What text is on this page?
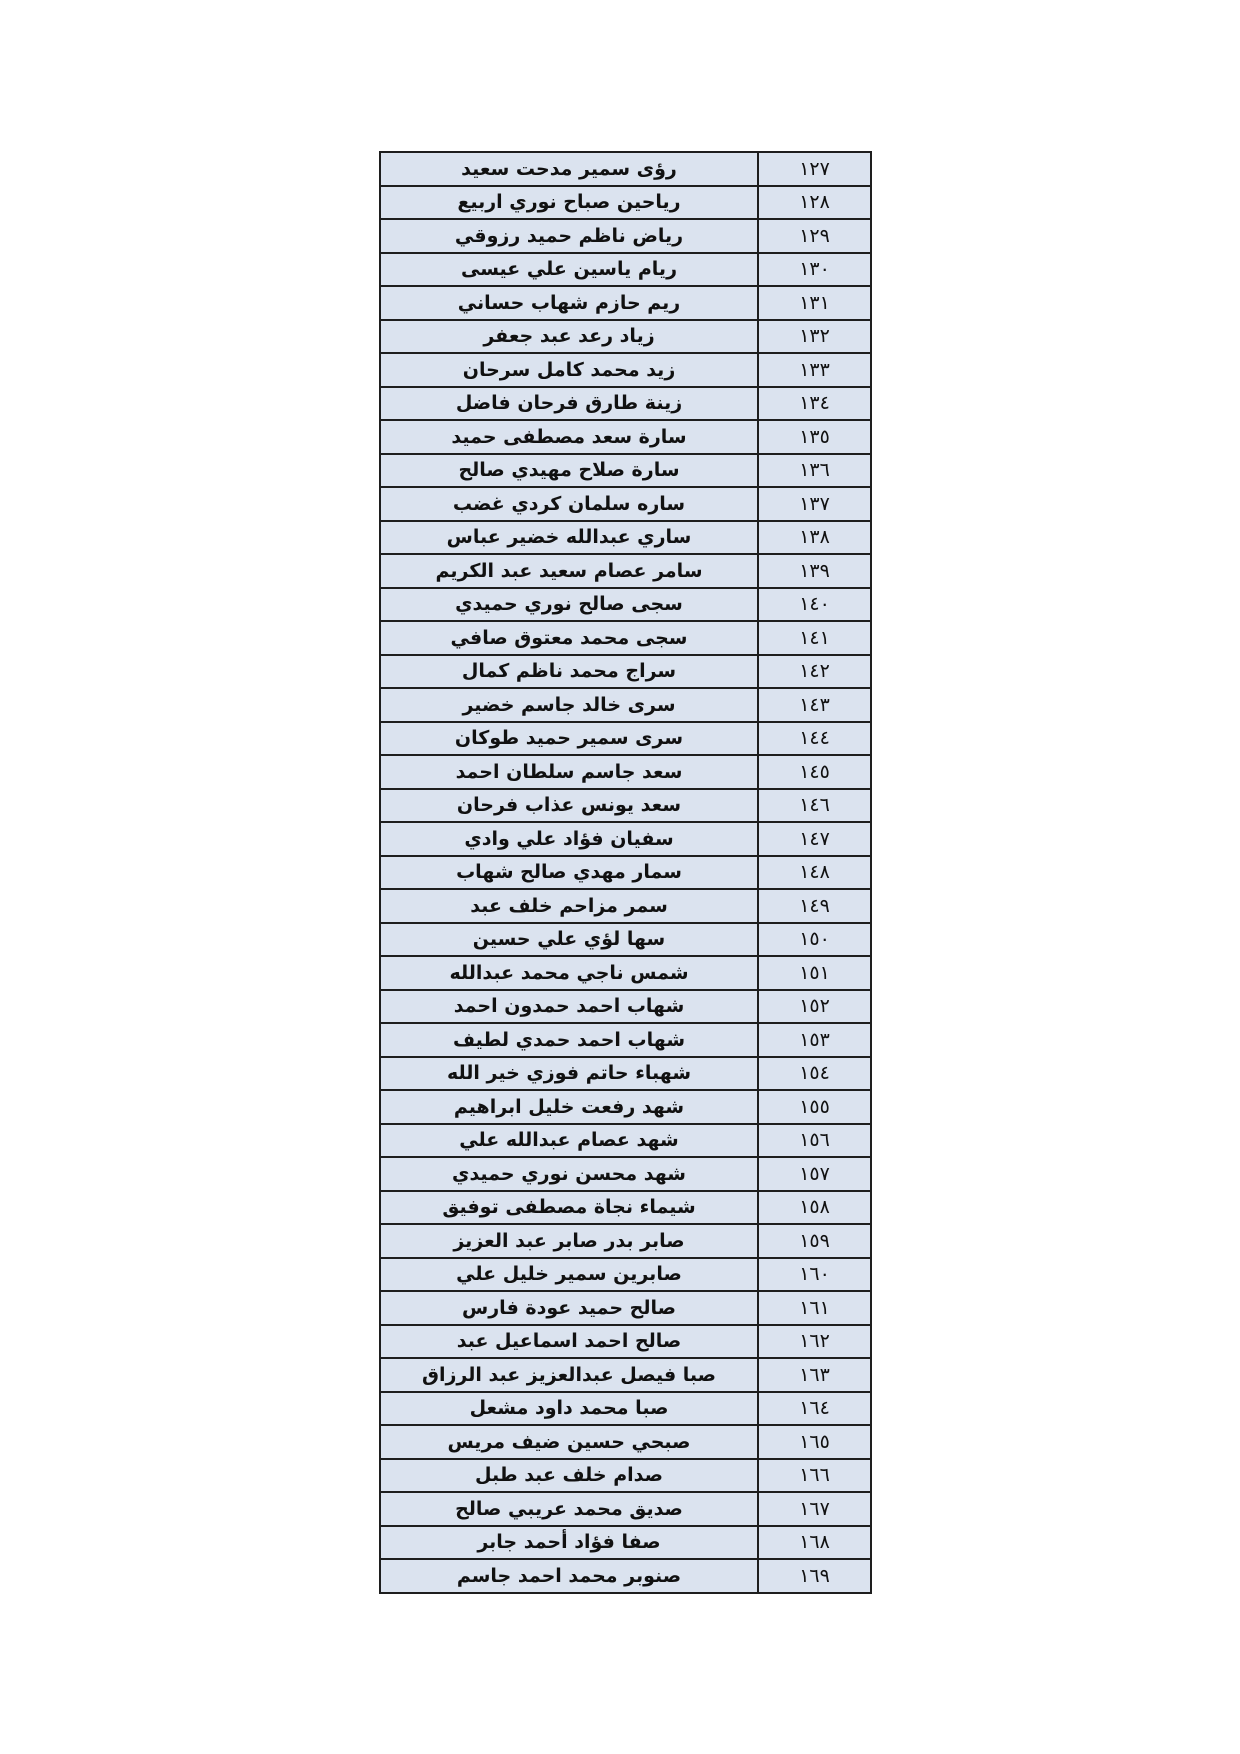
رؤى سمير مدحت سعيد	١٢٧
رياحين صباح نوري اربيع	١٢٨
رياض ناظم حميد رزوقي	١٢٩
ريام ياسين علي عيسى	١٣٠
ريم حازم شهاب حساني	١٣١
زياد رعد عبد جعفر	١٣٢
زيد محمد كامل سرحان	١٣٣
زينة طارق فرحان فاضل	١٣٤
سارة سعد مصطفى حميد	١٣٥
سارة صلاح مهيدي صالح	١٣٦
ساره سلمان كردي غضب	١٣٧
ساري عبدالله خضير عباس	١٣٨
سامر عصام سعيد عبد الكريم	١٣٩
سجى صالح نوري حميدي	١٤٠
سجى محمد معتوق صافي	١٤١
سراج محمد ناظم كمال	١٤٢
سرى خالد جاسم خضير	١٤٣
سرى سمير حميد طوكان	١٤٤
سعد جاسم سلطان احمد	١٤٥
سعد يونس عذاب فرحان	١٤٦
سفيان فؤاد علي وادي	١٤٧
سمار مهدي صالح شهاب	١٤٨
سمر مزاحم خلف عبد	١٤٩
سها لؤي علي حسين	١٥٠
شمس ناجي محمد عبدالله	١٥١
شهاب احمد حمدون احمد	١٥٢
شهاب احمد حمدي لطيف	١٥٣
شهباء حاتم فوزي خير الله	١٥٤
شهد رفعت خليل ابراهيم	١٥٥
شهد عصام عبدالله علي	١٥٦
شهد محسن نوري حميدي	١٥٧
شيماء نجاة مصطفى توفيق	١٥٨
صابر بدر صابر عبد العزيز	١٥٩
صابرين سمير خليل علي	١٦٠
صالح حميد عودة فارس	١٦١
صالح احمد اسماعيل عبد	١٦٢
صبا فيصل عبدالعزيز عبد الرزاق	١٦٣
صبا محمد داود مشعل	١٦٤
صبحي حسين ضيف مريس	١٦٥
صدام خلف عبد طبل	١٦٦
صديق محمد عريبي صالح	١٦٧
صفا فؤاد أحمد جابر	١٦٨
صنوبر محمد احمد جاسم	١٦٩
